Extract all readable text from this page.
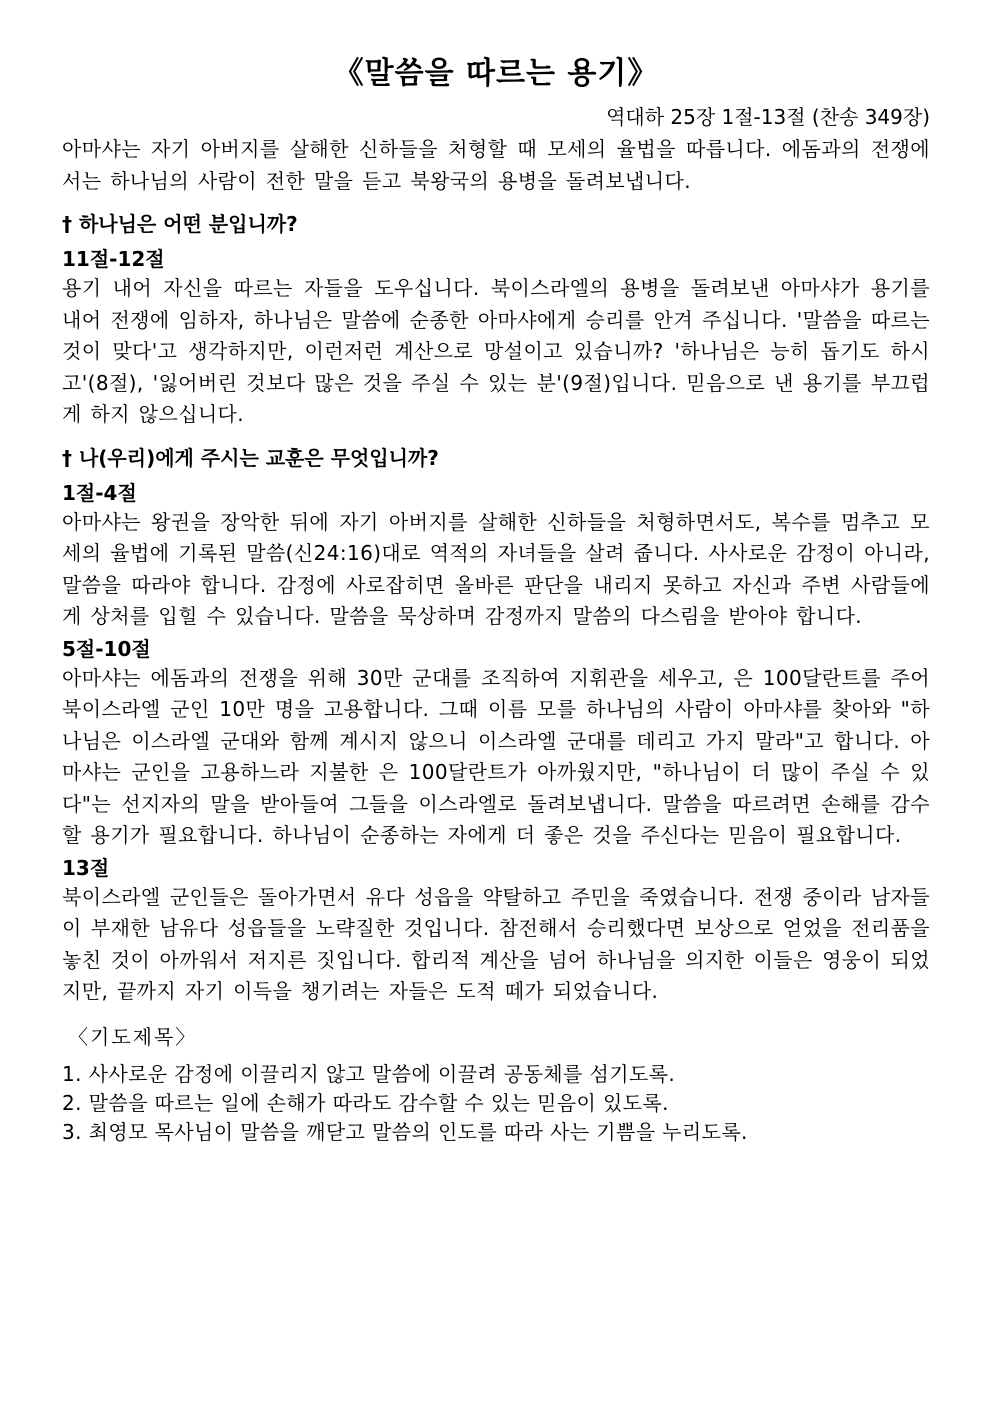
《말씀을 따르는 용기》
역대하 25장 1절-13절 (찬송 349장)

아마샤는 자기 아버지를 살해한 신하들을 처형할 때 모세의 율법을 따릅니다. 에돔과의 전쟁에서는 하나님의 사람이 전한 말을 듣고 북왕국의 용병을 돌려보냅니다.

† 하나님은 어떤 분입니까?
11절-12절

용기 내어 자신을 따르는 자들을 도우십니다. 북이스라엘의 용병을 돌려보낸 아마샤가 용기를 내어 전쟁에 임하자, 하나님은 말씀에 순종한 아마샤에게 승리를 안겨 주십니다. '말씀을 따르는 것이 맞다'고 생각하지만, 이런저런 계산으로 망설이고 있습니까? '하나님은 능히 돕기도 하시고'(8절), '잃어버린 것보다 많은 것을 주실 수 있는 분'(9절)입니다. 믿음으로 낸 용기를 부끄럽게 하지 않으십니다.

† 나(우리)에게 주시는 교훈은 무엇입니까?
1절-4절

아마샤는 왕권을 장악한 뒤에 자기 아버지를 살해한 신하들을 처형하면서도, 복수를 멈추고 모세의 율법에 기록된 말씀(신24:16)대로 역적의 자녀들을 살려 줍니다. 사사로운 감정이 아니라, 말씀을 따라야 합니다. 감정에 사로잡히면 올바른 판단을 내리지 못하고 자신과 주변 사람들에게 상처를 입힐 수 있습니다. 말씀을 묵상하며 감정까지 말씀의 다스림을 받아야 합니다.

5절-10절

아마샤는 에돔과의 전쟁을 위해 30만 군대를 조직하여 지휘관을 세우고, 은 100달란트를 주어 북이스라엘 군인 10만 명을 고용합니다. 그때 이름 모를 하나님의 사람이 아마샤를 찾아와 "하나님은 이스라엘 군대와 함께 계시지 않으니 이스라엘 군대를 데리고 가지 말라"고 합니다. 아마샤는 군인을 고용하느라 지불한 은 100달란트가 아까웠지만, "하나님이 더 많이 주실 수 있다"는 선지자의 말을 받아들여 그들을 이스라엘로 돌려보냅니다. 말씀을 따르려면 손해를 감수할 용기가 필요합니다. 하나님이 순종하는 자에게 더 좋은 것을 주신다는 믿음이 필요합니다.

13절

북이스라엘 군인들은 돌아가면서 유다 성읍을 약탈하고 주민을 죽였습니다. 전쟁 중이라 남자들이 부재한 남유다 성읍들을 노략질한 것입니다. 참전해서 승리했다면 보상으로 얻었을 전리품을 놓친 것이 아까워서 저지른 짓입니다. 합리적 계산을 넘어 하나님을 의지한 이들은 영웅이 되었지만, 끝까지 자기 이득을 챙기려는 자들은 도적 떼가 되었습니다.

〈기도제목〉
1. 사사로운 감정에 이끌리지 않고 말씀에 이끌려 공동체를 섬기도록.
2. 말씀을 따르는 일에 손해가 따라도 감수할 수 있는 믿음이 있도록.
3. 최영모 목사님이 말씀을 깨닫고 말씀의 인도를 따라 사는 기쁨을 누리도록.
